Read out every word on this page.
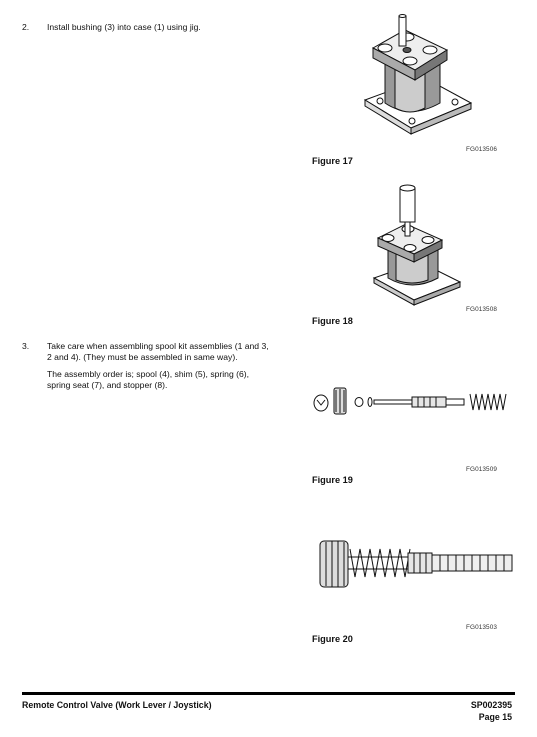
2. Install bushing (3) into case (1) using jig.
3. Take care when assembling spool kit assemblies (1 and 3,
2 and 4). (They must be assembled in same way).
The assembly order is; spool (4), shim (5), spring (6),
spring seat (7), and stopper (8).
FG013506
Figure 17
FG013508
Figure 18
FG013509
Figure 19
FG013503
Figure 20
Remote Control Valve (Work Lever / Joystick)	SP002395
Page 15
